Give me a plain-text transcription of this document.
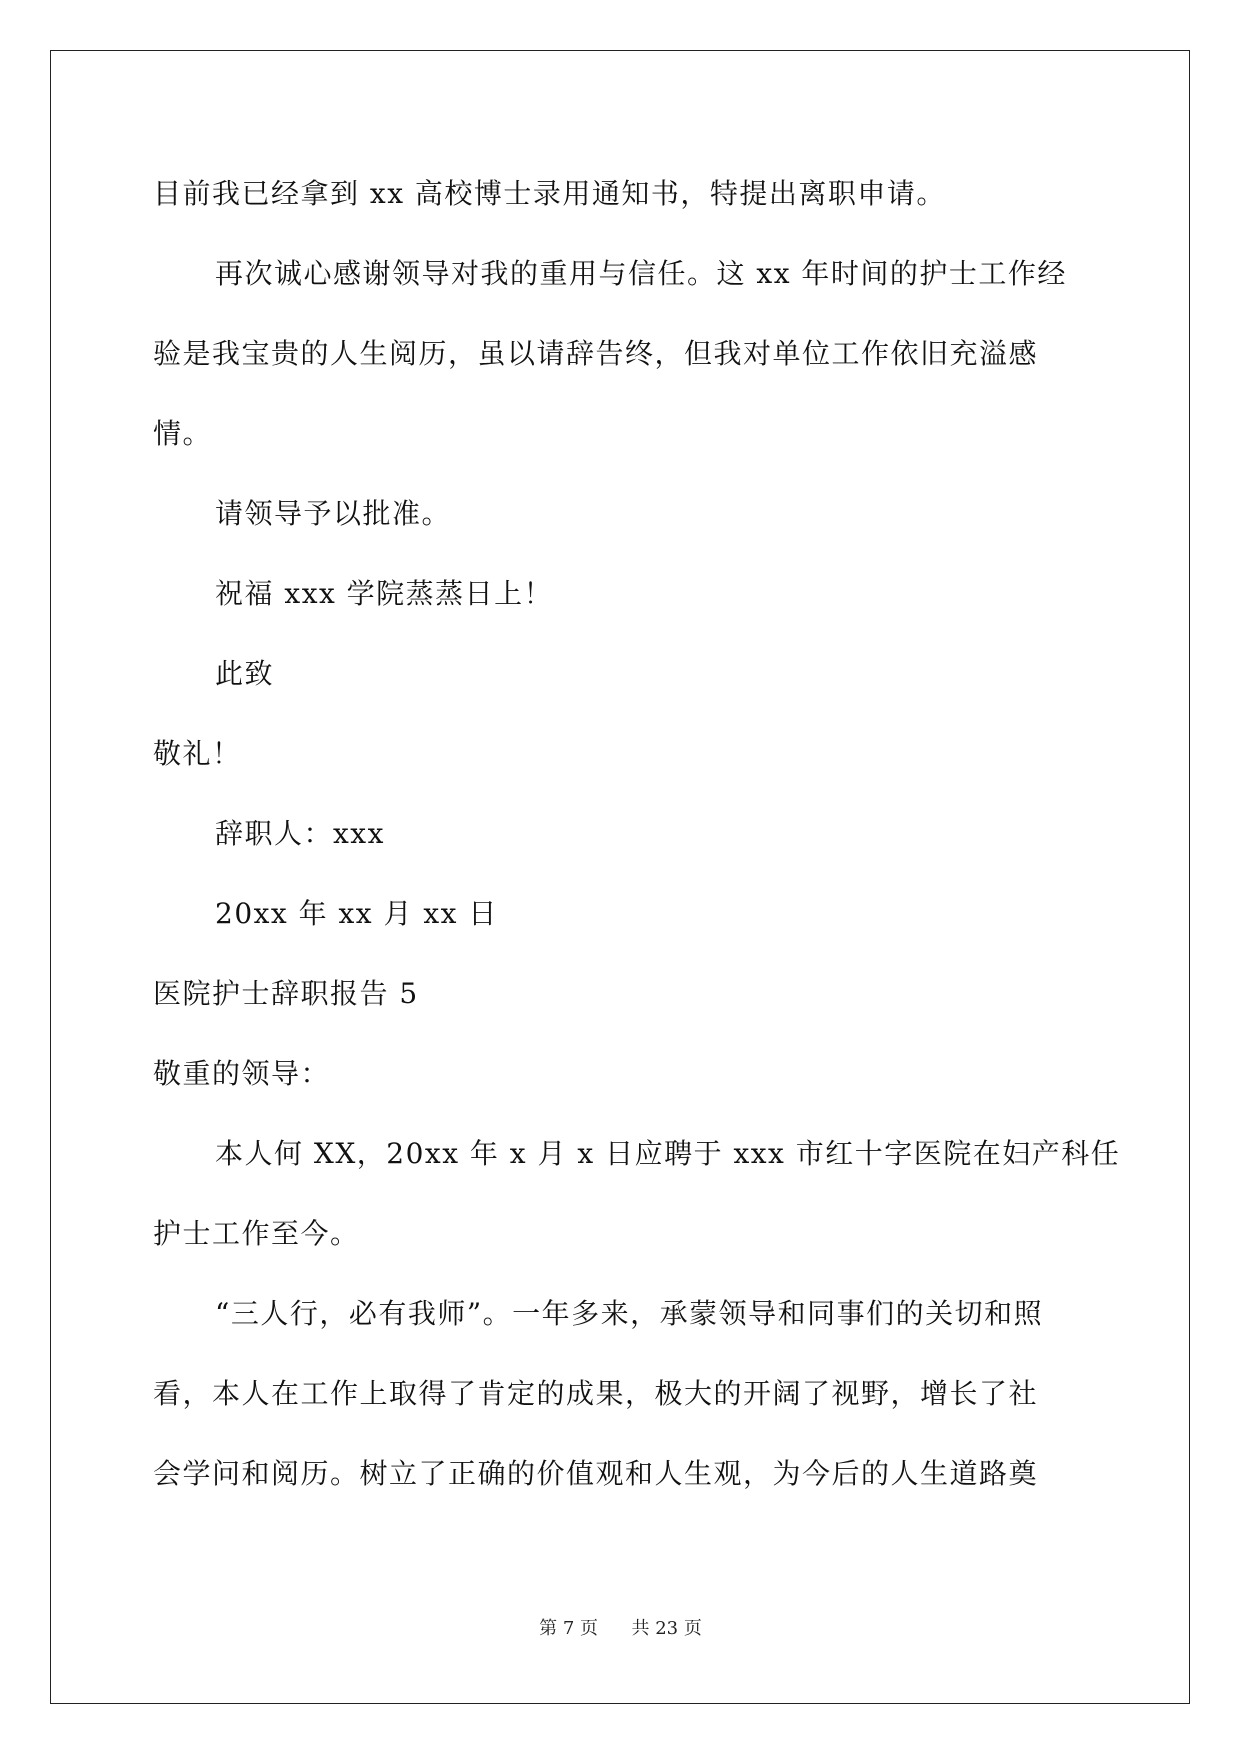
目前我已经拿到 xx 高校博士录用通知书，特提出离职申请。
再次诚心感谢领导对我的重用与信任。这 xx 年时间的护士工作经
验是我宝贵的人生阅历，虽以请辞告终，但我对单位工作依旧充溢感
情。
请领导予以批准。
祝福 xxx 学院蒸蒸日上！
此致
敬礼！
辞职人：xxx
20xx 年 xx 月 xx 日
医院护士辞职报告 5
敬重的领导：
本人何 XX，20xx 年 x 月 x 日应聘于 xxx 市红十字医院在妇产科任
护士工作至今。
“三人行，必有我师”。一年多来，承蒙领导和同事们的关切和照
看，本人在工作上取得了肯定的成果，极大的开阔了视野，增长了社
会学问和阅历。树立了正确的价值观和人生观，为今后的人生道路奠
第 7 页 共 23 页
